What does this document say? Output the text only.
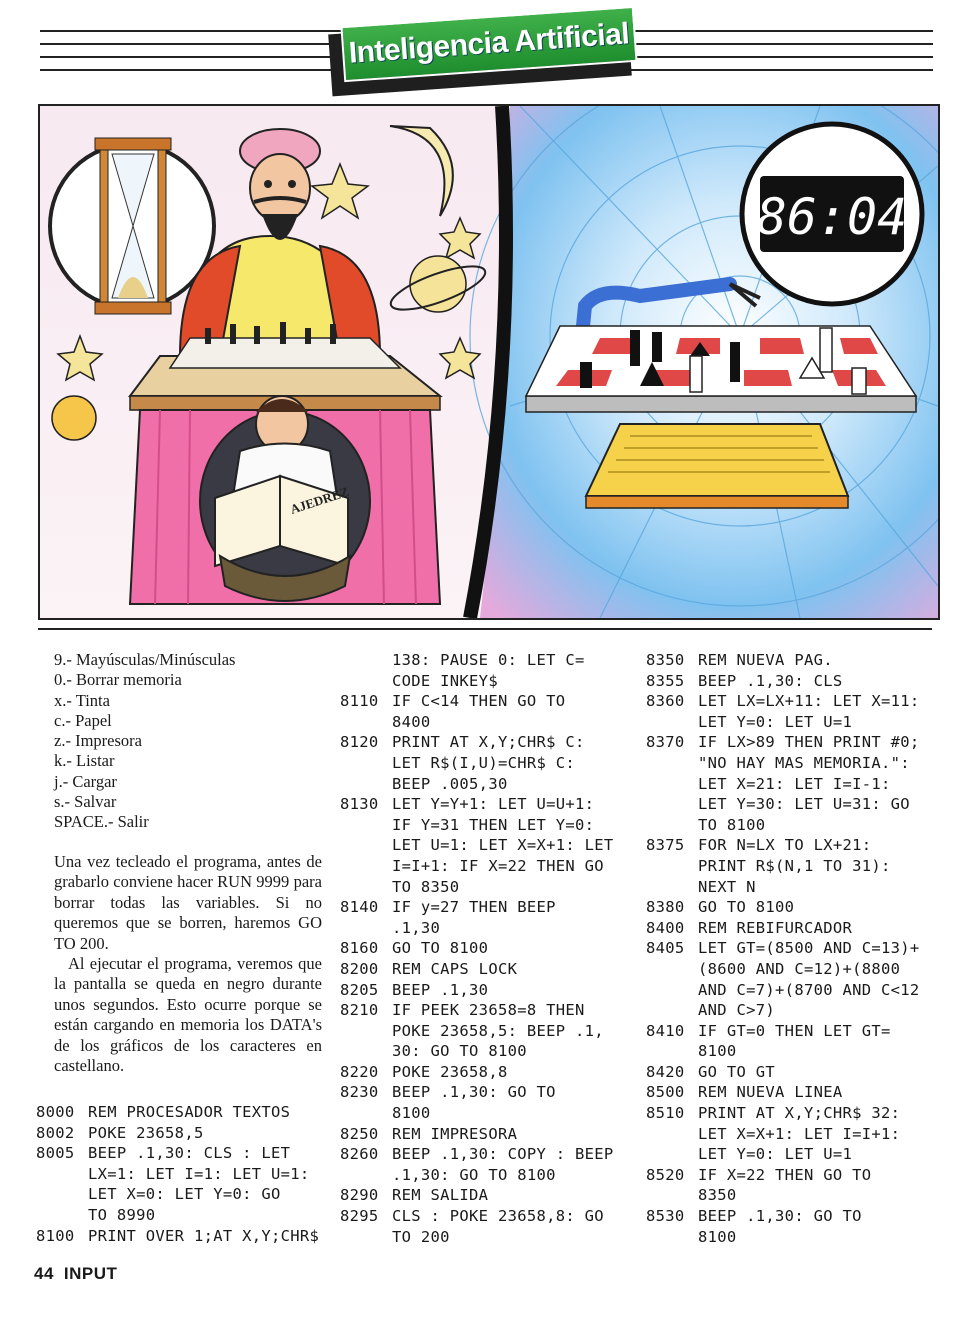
Inteligencia Artificial
AJEDREZ
86:04
9.- Mayúsculas/Minúsculas
0.- Borrar memoria
x.- Tinta
c.- Papel
z.- Impresora
k.- Listar
j.- Cargar
s.- Salvar
SPACE.- Salir

Una vez tecleado el programa, antes de grabarlo conviene hacer RUN 9999 para borrar todas las variables. Si no queremos que se borren, haremos GO TO 200.

Al ejecutar el programa, veremos que la pantalla se queda en negro durante unos segundos. Esto ocurre porque se están cargando en memoria los DATA's de los gráficos de los caracteres en castellano.

8000 REM PROCESADOR TEXTOS
8002 POKE 23658,5
8005 BEEP .1,30: CLS : LET
LX=1: LET I=1: LET U=1:
LET X=0: LET Y=0: GO
TO 8990
8100 PRINT OVER 1;AT X,Y;CHR$
138: PAUSE 0: LET C=
CODE INKEY$
8110 IF C<14 THEN GO TO
8400
8120 PRINT AT X,Y;CHR$ C:
LET R$(I,U)=CHR$ C:
BEEP .005,30
8130 LET Y=Y+1: LET U=U+1:
IF Y=31 THEN LET Y=0:
LET U=1: LET X=X+1: LET
I=I+1: IF X=22 THEN GO
TO 8350
8140 IF y=27 THEN BEEP
.1,30
8160 GO TO 8100
8200 REM CAPS LOCK
8205 BEEP .1,30
8210 IF PEEK 23658=8 THEN
POKE 23658,5: BEEP .1,
30: GO TO 8100
8220 POKE 23658,8
8230 BEEP .1,30: GO TO
8100
8250 REM IMPRESORA
8260 BEEP .1,30: COPY : BEEP
.1,30: GO TO 8100
8290 REM SALIDA
8295 CLS : POKE 23658,8: GO
TO 200
8350 REM NUEVA PAG.
8355 BEEP .1,30: CLS
8360 LET LX=LX+11: LET X=11:
LET Y=0: LET U=1
8370 IF LX>89 THEN PRINT #0;
"NO HAY MAS MEMORIA.":
LET X=21: LET I=I-1:
LET Y=30: LET U=31: GO
TO 8100
8375 FOR N=LX TO LX+21:
PRINT R$(N,1 TO 31):
NEXT N
8380 GO TO 8100
8400 REM REBIFURCADOR
8405 LET GT=(8500 AND C=13)+
(8600 AND C=12)+(8800
AND C=7)+(8700 AND C<12
AND C>7)
8410 IF GT=0 THEN LET GT=
8100
8420 GO TO GT
8500 REM NUEVA LINEA
8510 PRINT AT X,Y;CHR$ 32:
LET X=X+1: LET I=I+1:
LET Y=0: LET U=1
8520 IF X=22 THEN GO TO
8350
8530 BEEP .1,30: GO TO
8100
44 INPUT
